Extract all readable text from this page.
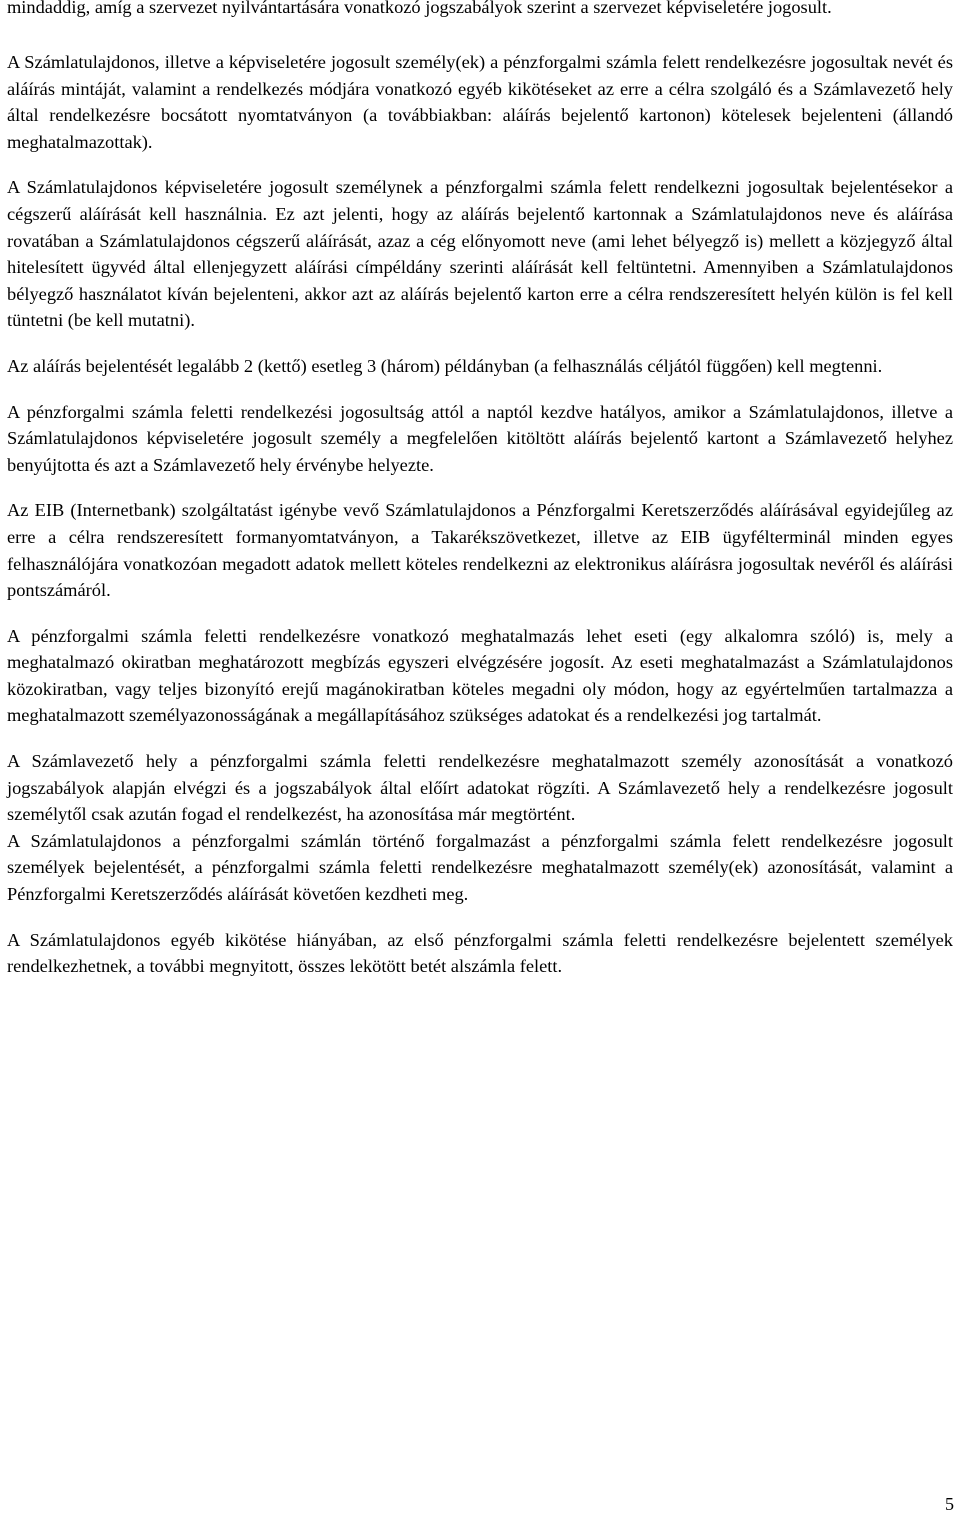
mindaddig, amíg a szervezet nyilvántartására vonatkozó jogszabályok szerint a szervezet képviseletére jogosult.

A Számlatulajdonos, illetve a képviseletére jogosult személy(ek) a pénzforgalmi számla felett rendelkezésre jogosultak nevét és aláírás mintáját, valamint a rendelkezés módjára vonatkozó egyéb kikötéseket az erre a célra szolgáló és a Számlavezető hely által rendelkezésre bocsátott nyomtatványon (a továbbiakban: aláírás bejelentő kartonon) kötelesek bejelenteni (állandó meghatalmazottak).

A Számlatulajdonos képviseletére jogosult személynek a pénzforgalmi számla felett rendelkezni jogosultak bejelentésekor a cégszerű aláírását kell használnia. Ez azt jelenti, hogy az aláírás bejelentő kartonnak a Számlatulajdonos neve és aláírása rovatában a Számlatulajdonos cégszerű aláírását, azaz a cég előnyomott neve (ami lehet bélyegző is) mellett a közjegyző által hitelesített ügyvéd által ellenjegyzett aláírási címpéldány szerinti aláírását kell feltüntetni. Amennyiben a Számlatulajdonos bélyegző használatot kíván bejelenteni, akkor azt az aláírás bejelentő karton erre a célra rendszeresített helyén külön is fel kell tüntetni (be kell mutatni).

Az aláírás bejelentését legalább 2 (kettő) esetleg 3 (három) példányban (a felhasználás céljától függően) kell megtenni.

A pénzforgalmi számla feletti rendelkezési jogosultság attól a naptól kezdve hatályos, amikor a Számlatulajdonos, illetve a Számlatulajdonos képviseletére jogosult személy a megfelelően kitöltött aláírás bejelentő kartont a Számlavezető helyhez benyújtotta és azt a Számlavezető hely érvénybe helyezte.

Az EIB (Internetbank) szolgáltatást igénybe vevő Számlatulajdonos a Pénzforgalmi Keretszerződés aláírásával egyidejűleg az erre a célra rendszeresített formanyomtatványon, a Takarékszövetkezet, illetve az EIB ügyfélterminál minden egyes felhasználójára vonatkozóan megadott adatok mellett köteles rendelkezni az elektronikus aláírásra jogosultak nevéről és aláírási pontszámáról.

A pénzforgalmi számla feletti rendelkezésre vonatkozó meghatalmazás lehet eseti (egy alkalomra szóló) is, mely a meghatalmazó okiratban meghatározott megbízás egyszeri elvégzésére jogosít. Az eseti meghatalmazást a Számlatulajdonos közokiratban, vagy teljes bizonyító erejű magánokiratban köteles megadni oly módon, hogy az egyértelműen tartalmazza a meghatalmazott személyazonosságának a megállapításához szükséges adatokat és a rendelkezési jog tartalmát.

A Számlavezető hely a pénzforgalmi számla feletti rendelkezésre meghatalmazott személy azonosítását a vonatkozó jogszabályok alapján elvégzi és a jogszabályok által előírt adatokat rögzíti. A Számlavezető hely a rendelkezésre jogosult személytől csak azután fogad el rendelkezést, ha azonosítása már megtörtént.

A Számlatulajdonos a pénzforgalmi számlán történő forgalmazást a pénzforgalmi számla felett rendelkezésre jogosult személyek bejelentését, a pénzforgalmi számla feletti rendelkezésre meghatalmazott személy(ek) azonosítását, valamint a Pénzforgalmi Keretszerződés aláírását követően kezdheti meg.

A Számlatulajdonos egyéb kikötése hiányában, az első pénzforgalmi számla feletti rendelkezésre bejelentett személyek rendelkezhetnek, a további megnyitott, összes lekötött betét alszámla felett.

5
